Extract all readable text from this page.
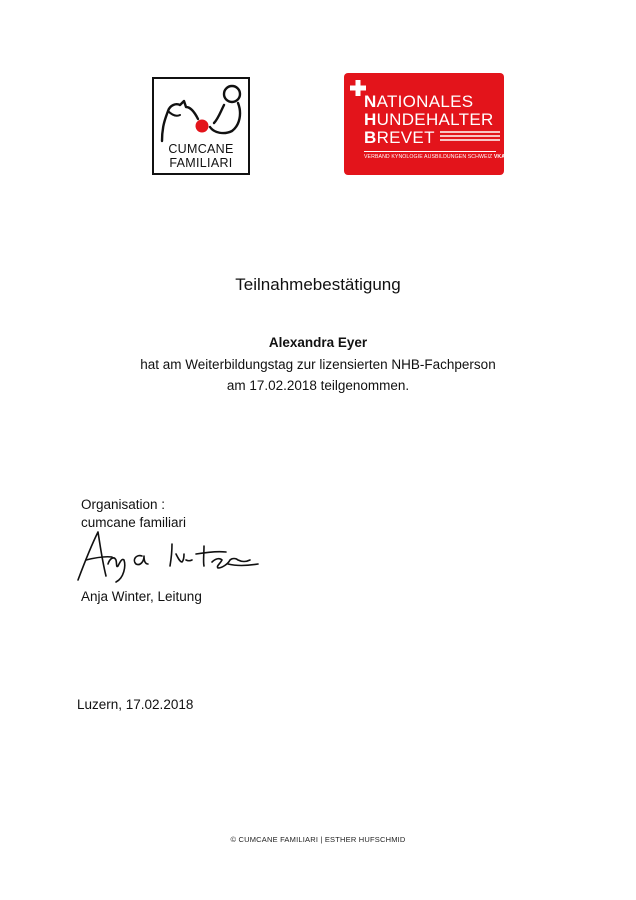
CUMCANE
FAMILIARI
NATIONALES
HUNDEHALTER
BREVET
VERBAND KYNOLOGIE AUSBILDUNGEN SCHWEIZ VKAS
Teilnahmebestätigung
Alexandra Eyer
hat am Weiterbildungstag zur lizensierten NHB-Fachperson
am 17.02.2018 teilgenommen.
Organisation :
cumcane familiari
Anja Winter, Leitung
Luzern, 17.02.2018
© CUMCANE FAMILIARI | ESTHER HUFSCHMID
